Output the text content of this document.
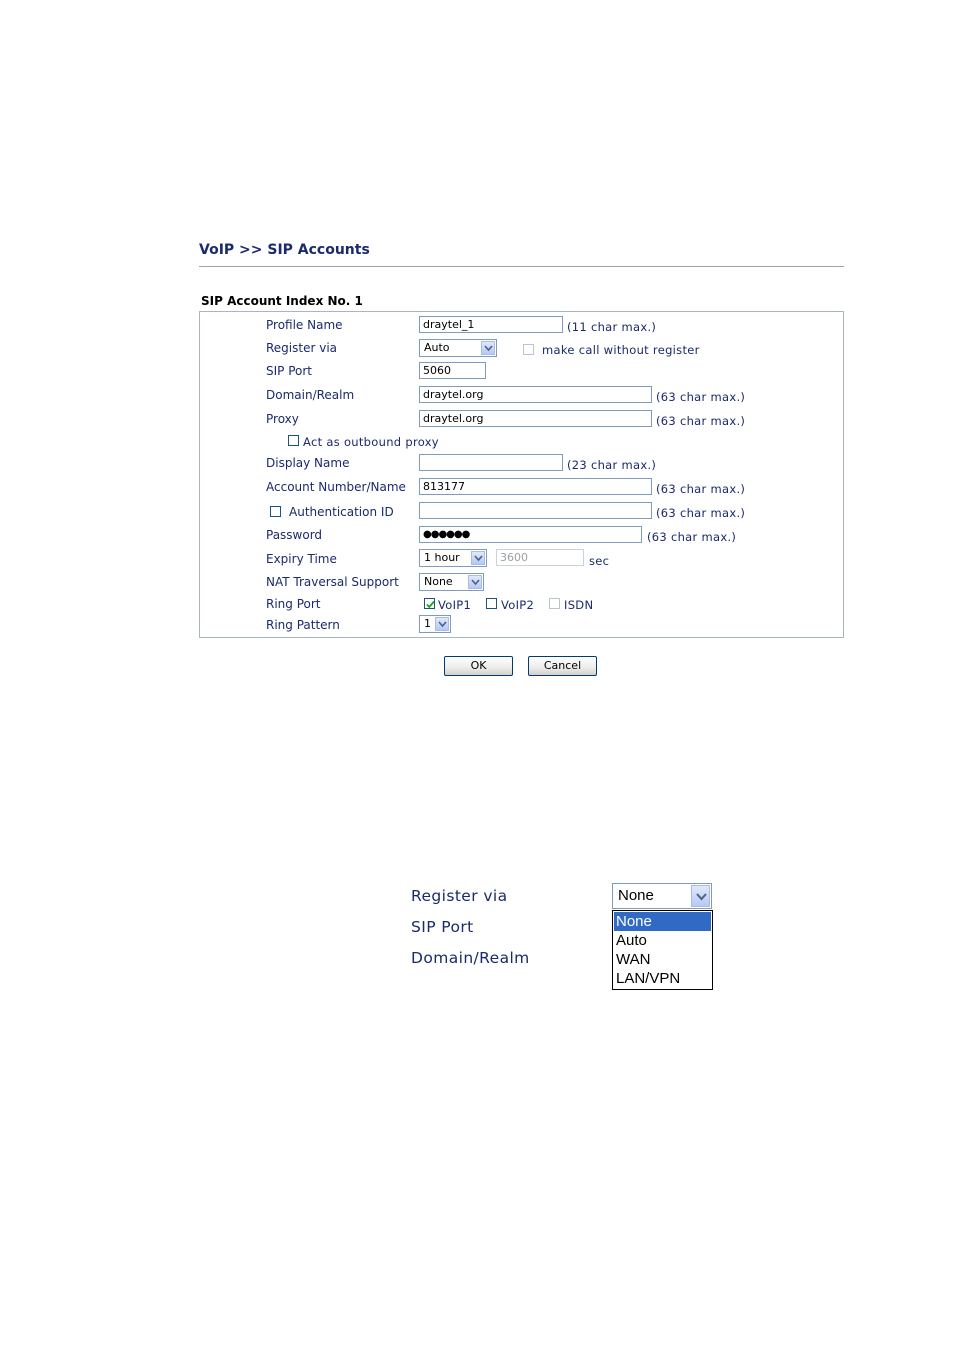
VoIP >> SIP Accounts
SIP Account Index No. 1
Profile Name	draytel_1	(11 char max.)
Register via	Auto	make call without register
SIP Port	5060
Domain/Realm	draytel.org	(63 char max.)
Proxy	draytel.org	(63 char max.)
Act as outbound proxy
Display Name	(23 char max.)
Account Number/Name	813177	(63 char max.)
Authentication ID	(63 char max.)
Password	●●●●●●	(63 char max.)
Expiry Time	1 hour	3600	sec
NAT Traversal Support	None
Ring Port	VoIP1	VoIP2	ISDN
Ring Pattern	1
OK	Cancel
Register via
SIP Port
Domain/Realm
None
None
Auto
WAN
LAN/VPN
